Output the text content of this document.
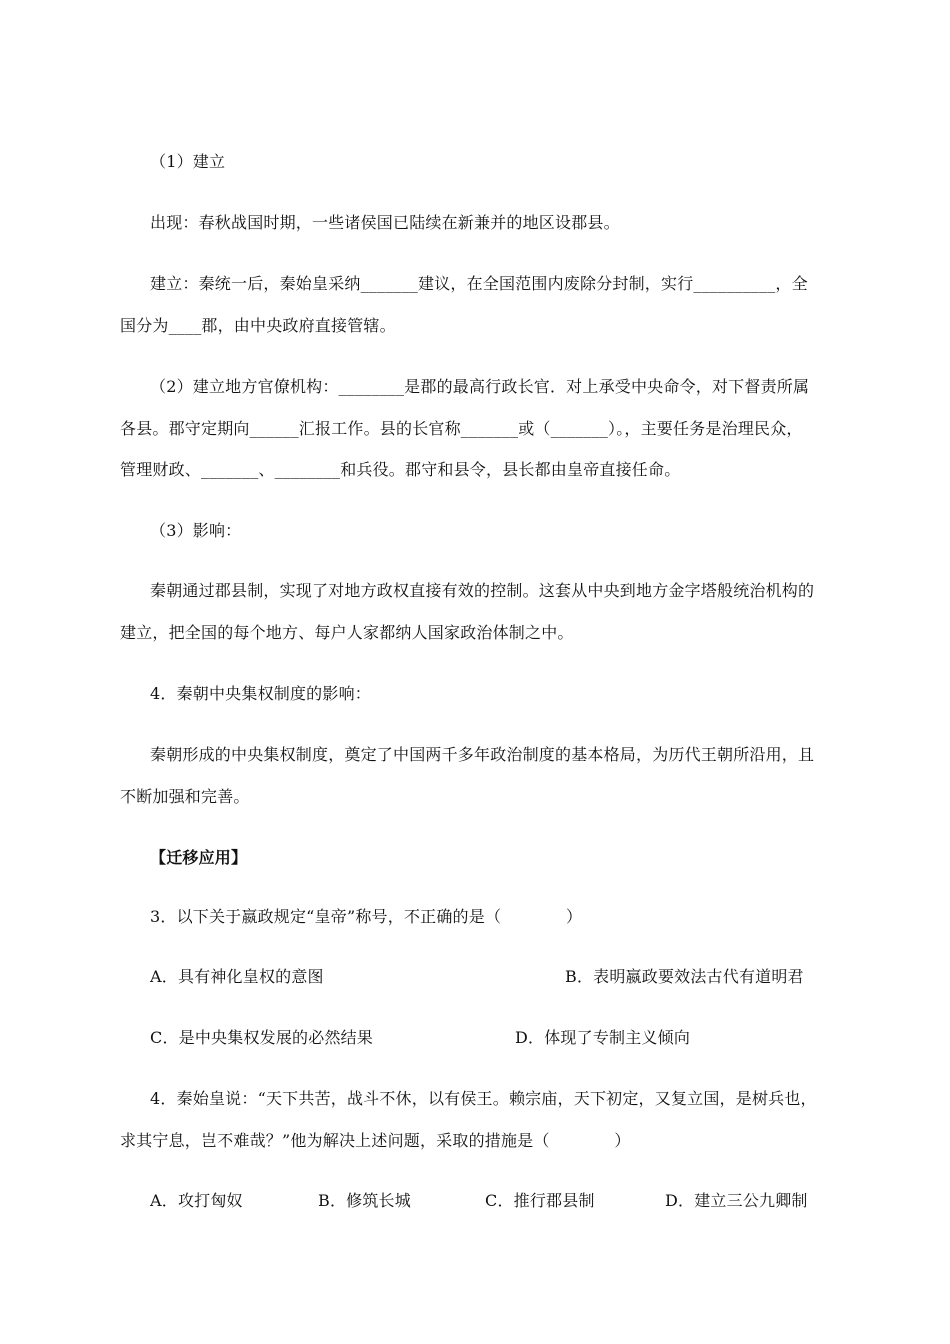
（1）建立
出现：春秋战国时期，一些诸侯国已陆续在新兼并的地区设郡县。
建立：秦统一后，秦始皇采纳_______建议，在全国范围内废除分封制，实行__________，全
国分为____郡，由中央政府直接管辖。
（2）建立地方官僚机构：________是郡的最高行政长官．对上承受中央命令，对下督责所属
各县。郡守定期向______汇报工作。县的长官称_______或（_______）。，主要任务是治理民众，
管理财政、_______、________和兵役。郡守和县令，县长都由皇帝直接任命。
（3）影响：
秦朝通过郡县制，实现了对地方政权直接有效的控制。这套从中央到地方金字塔般统治机构的
建立，把全国的每个地方、每户人家都纳人国家政治体制之中。
4．秦朝中央集权制度的影响：
秦朝形成的中央集权制度，奠定了中国两千多年政治制度的基本格局，为历代王朝所沿用，且
不断加强和完善。
【迁移应用】
3．以下关于嬴政规定“皇帝”称号，不正确的是（　　　　）
A．具有神化皇权的意图	B．表明嬴政要效法古代有道明君
C．是中央集权发展的必然结果	D．体现了专制主义倾向
4．秦始皇说：“天下共苦，战斗不休，以有侯王。赖宗庙，天下初定，又复立国，是树兵也，
求其宁息，岂不难哉？”他为解决上述问题，采取的措施是（　　　　）
A．攻打匈奴	B．修筑长城	C．推行郡县制	D．建立三公九卿制
